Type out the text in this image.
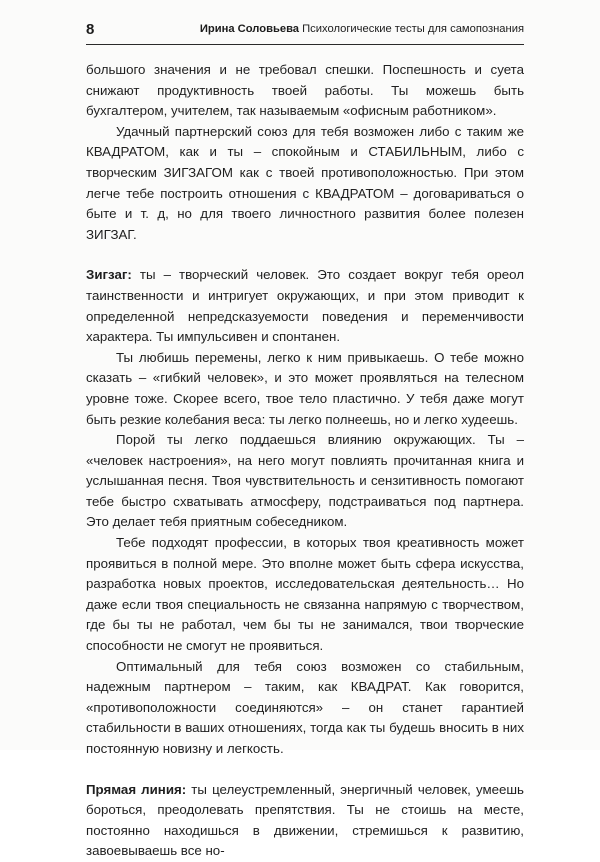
8	Ирина Соловьева Психологические тесты для самопознания

большого значения и не требовал спешки. Поспешность и суета снижают продуктивность твоей работы. Ты можешь быть бухгалтером, учителем, так называемым «офисным работником».

Удачный партнерский союз для тебя возможен либо с таким же КВАДРАТОМ, как и ты – спокойным и СТАБИЛЬНЫМ, либо с творческим ЗИГЗАГОМ как с твоей противоположностью. При этом легче тебе построить отношения с КВАДРАТОМ – договариваться о быте и т. д, но для твоего личностного развития более полезен ЗИГЗАГ.

Зигзаг: ты – творческий человек. Это создает вокруг тебя ореол таинственности и интригует окружающих, и при этом приводит к определенной непредсказуемости поведения и переменчивости характера. Ты импульсивен и спонтанен.

Ты любишь перемены, легко к ним привыкаешь. О тебе можно сказать – «гибкий человек», и это может проявляться на телесном уровне тоже. Скорее всего, твое тело пластично. У тебя даже могут быть резкие колебания веса: ты легко полнеешь, но и легко худеешь.

Порой ты легко поддаешься влиянию окружающих. Ты – «человек настроения», на него могут повлиять прочитанная книга и услышанная песня. Твоя чувствительность и сензитивность помогают тебе быстро схватывать атмосферу, подстраиваться под партнера. Это делает тебя приятным собеседником.

Тебе подходят профессии, в которых твоя креативность может проявиться в полной мере. Это вполне может быть сфера искусства, разработка новых проектов, исследовательская деятельность… Но даже если твоя специальность не связанна напрямую с творчеством, где бы ты не работал, чем бы ты не занимался, твои творческие способности не смогут не проявиться.

Оптимальный для тебя союз возможен со стабильным, надежным партнером – таким, как КВАДРАТ. Как говорится, «противоположности соединяются» – он станет гарантией стабильности в ваших отношениях, тогда как ты будешь вносить в них постоянную новизну и легкость.

Прямая линия: ты целеустремленный, энергичный человек, умеешь бороться, преодолевать препятствия. Ты не стоишь на месте, постоянно находишься в движении, стремишься к развитию, завоевываешь все но-
